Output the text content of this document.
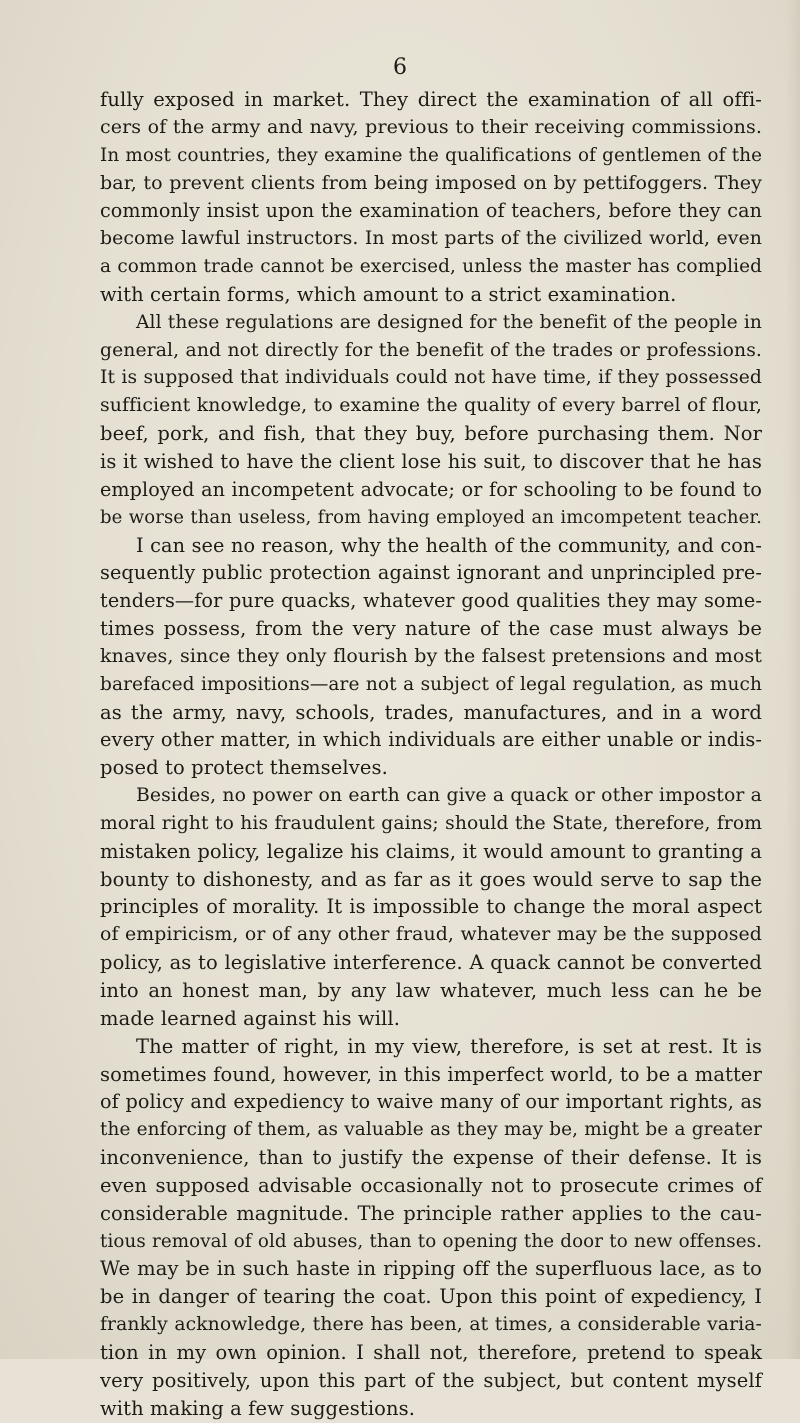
6
fully exposed in market. They direct the examination of all offi-
cers of the army and navy, previous to their receiving commissions.
In most countries, they examine the qualifications of gentlemen of the
bar, to prevent clients from being imposed on by pettifoggers. They
commonly insist upon the examination of teachers, before they can
become lawful instructors. In most parts of the civilized world, even
a common trade cannot be exercised, unless the master has complied
with certain forms, which amount to a strict examination.
All these regulations are designed for the benefit of the people in
general, and not directly for the benefit of the trades or professions.
It is supposed that individuals could not have time, if they possessed
sufficient knowledge, to examine the quality of every barrel of flour,
beef, pork, and fish, that they buy, before purchasing them. Nor
is it wished to have the client lose his suit, to discover that he has
employed an incompetent advocate; or for schooling to be found to
be worse than useless, from having employed an imcompetent teacher.
I can see no reason, why the health of the community, and con-
sequently public protection against ignorant and unprincipled pre-
tenders—for pure quacks, whatever good qualities they may some-
times possess, from the very nature of the case must always be
knaves, since they only flourish by the falsest pretensions and most
barefaced impositions—are not a subject of legal regulation, as much
as the army, navy, schools, trades, manufactures, and in a word
every other matter, in which individuals are either unable or indis-
posed to protect themselves.
Besides, no power on earth can give a quack or other impostor a
moral right to his fraudulent gains; should the State, therefore, from
mistaken policy, legalize his claims, it would amount to granting a
bounty to dishonesty, and as far as it goes would serve to sap the
principles of morality. It is impossible to change the moral aspect
of empiricism, or of any other fraud, whatever may be the supposed
policy, as to legislative interference. A quack cannot be converted
into an honest man, by any law whatever, much less can he be
made learned against his will.
The matter of right, in my view, therefore, is set at rest. It is
sometimes found, however, in this imperfect world, to be a matter
of policy and expediency to waive many of our important rights, as
the enforcing of them, as valuable as they may be, might be a greater
inconvenience, than to justify the expense of their defense. It is
even supposed advisable occasionally not to prosecute crimes of
considerable magnitude. The principle rather applies to the cau-
tious removal of old abuses, than to opening the door to new offenses.
We may be in such haste in ripping off the superfluous lace, as to
be in danger of tearing the coat. Upon this point of expediency, I
frankly acknowledge, there has been, at times, a considerable varia-
tion in my own opinion. I shall not, therefore, pretend to speak
very positively, upon this part of the subject, but content myself
with making a few suggestions.
